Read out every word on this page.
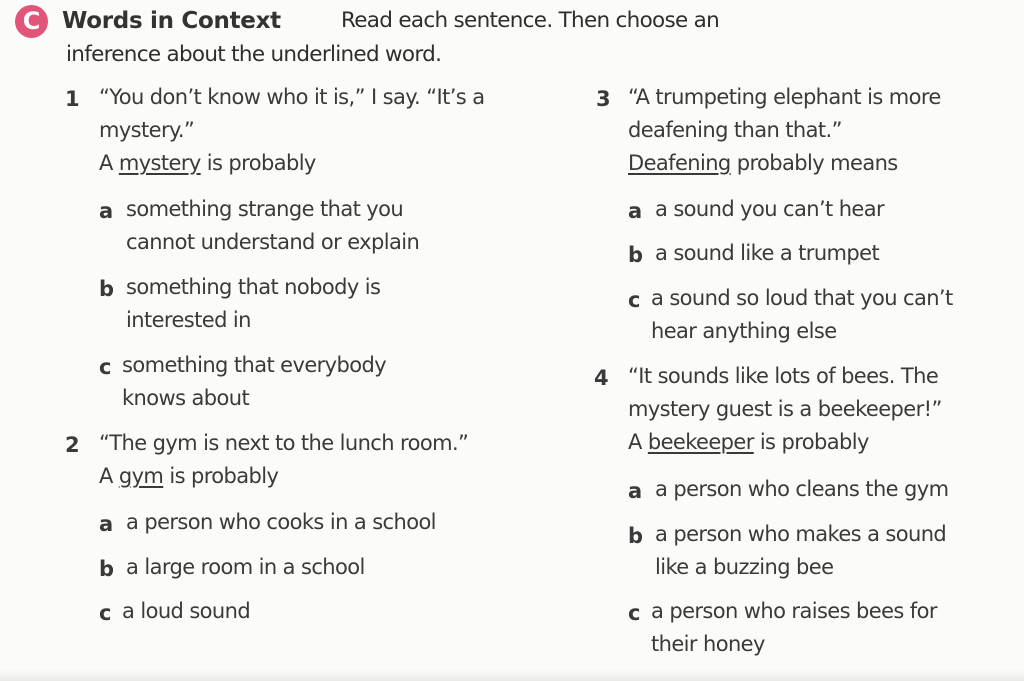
C Words in Context	Read each sentence. Then choose an
inference about the underlined word.
1 “You don’t know who it is,” I say. “It’s a
mystery.”
A mystery is probably
a something strange that you
cannot understand or explain
b something that nobody is
interested in
c something that everybody
knows about
2 “The gym is next to the lunch room.”
A gym is probably
a a person who cooks in a school
b a large room in a school
c a loud sound
3 “A trumpeting elephant is more
deafening than that.”
Deafening probably means
a a sound you can’t hear
b a sound like a trumpet
c a sound so loud that you can’t
hear anything else
4 “It sounds like lots of bees. The
mystery guest is a beekeeper!”
A beekeeper is probably
a a person who cleans the gym
b a person who makes a sound
like a buzzing bee
c a person who raises bees for
their honey
